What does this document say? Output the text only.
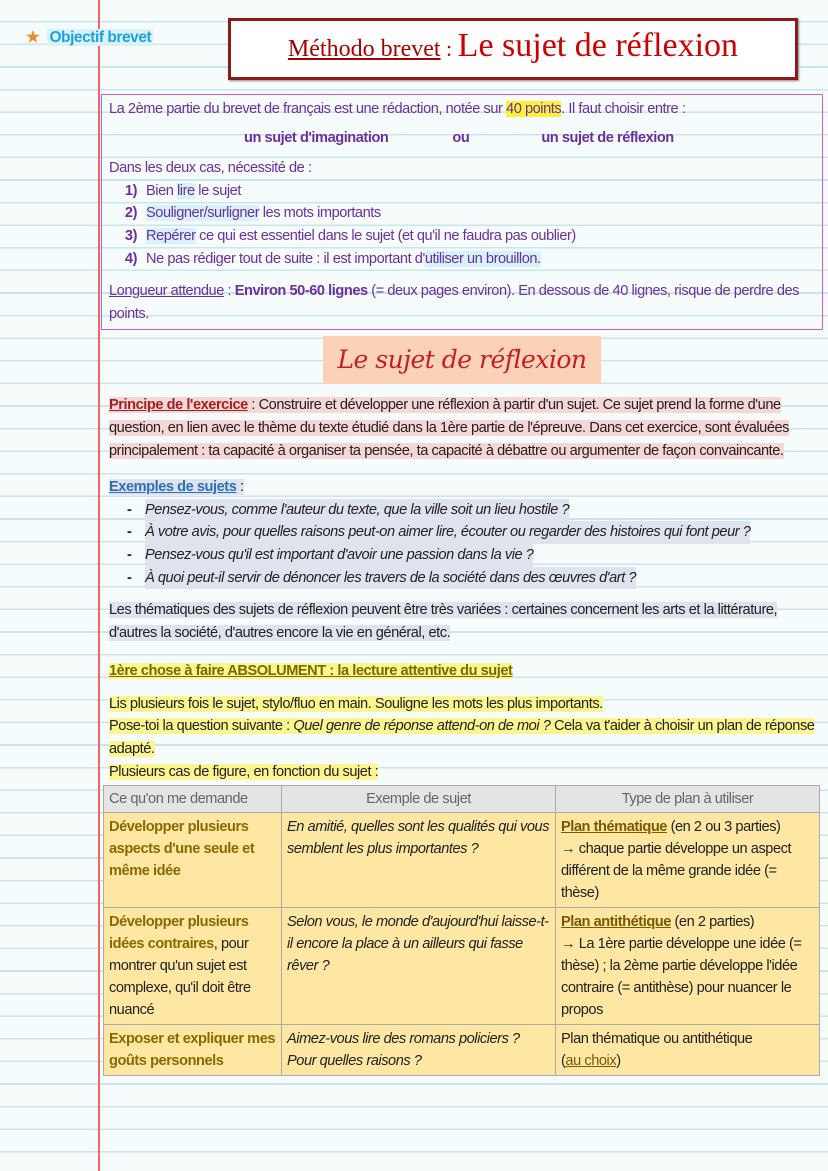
★ Objectif brevet	Méthodo brevet : Le sujet de réflexion
La 2ème partie du brevet de français est une rédaction, notée sur 40 points. Il faut choisir entre :
un sujet d'imagination	ou	un sujet de réflexion
Dans les deux cas, nécessité de :
1) Bien lire le sujet
2) Souligner/surligner les mots importants
3) Repérer ce qui est essentiel dans le sujet (et qu'il ne faudra pas oublier)
4) Ne pas rédiger tout de suite : il est important d'utiliser un brouillon.
Longueur attendue : Environ 50-60 lignes (= deux pages environ). En dessous de 40 lignes, risque de perdre des points.
Le sujet de réflexion
Principe de l'exercice : Construire et développer une réflexion à partir d'un sujet. Ce sujet prend la forme d'une question, en lien avec le thème du texte étudié dans la 1ère partie de l'épreuve. Dans cet exercice, sont évaluées principalement : ta capacité à organiser ta pensée, ta capacité à débattre ou argumenter de façon convaincante.
Exemples de sujets :
- Pensez-vous, comme l'auteur du texte, que la ville soit un lieu hostile ?
- À votre avis, pour quelles raisons peut-on aimer lire, écouter ou regarder des histoires qui font peur ?
- Pensez-vous qu'il est important d'avoir une passion dans la vie ?
- À quoi peut-il servir de dénoncer les travers de la société dans des œuvres d'art ?
Les thématiques des sujets de réflexion peuvent être très variées : certaines concernent les arts et la littérature, d'autres la société, d'autres encore la vie en général, etc.
1ère chose à faire ABSOLUMENT : la lecture attentive du sujet
Lis plusieurs fois le sujet, stylo/fluo en main. Souligne les mots les plus importants.
Pose-toi la question suivante : Quel genre de réponse attend-on de moi ? Cela va t'aider à choisir un plan de réponse adapté.
Plusieurs cas de figure, en fonction du sujet :
Ce qu'on me demande	Exemple de sujet	Type de plan à utiliser
Développer plusieurs aspects d'une seule et même idée	En amitié, quelles sont les qualités qui vous semblent les plus importantes ?	Plan thématique (en 2 ou 3 parties)
→ chaque partie développe un aspect différent de la même grande idée (= thèse)
Développer plusieurs idées contraires, pour montrer qu'un sujet est complexe, qu'il doit être nuancé	Selon vous, le monde d'aujourd'hui laisse-t-il encore la place à un ailleurs qui fasse rêver ?	Plan antithétique (en 2 parties)
→ La 1ère partie développe une idée (= thèse) ; la 2ème partie développe l'idée contraire (= antithèse) pour nuancer le propos
Exposer et expliquer mes goûts personnels	Aimez-vous lire des romans policiers ? Pour quelles raisons ?	Plan thématique ou antithétique
(au choix)
